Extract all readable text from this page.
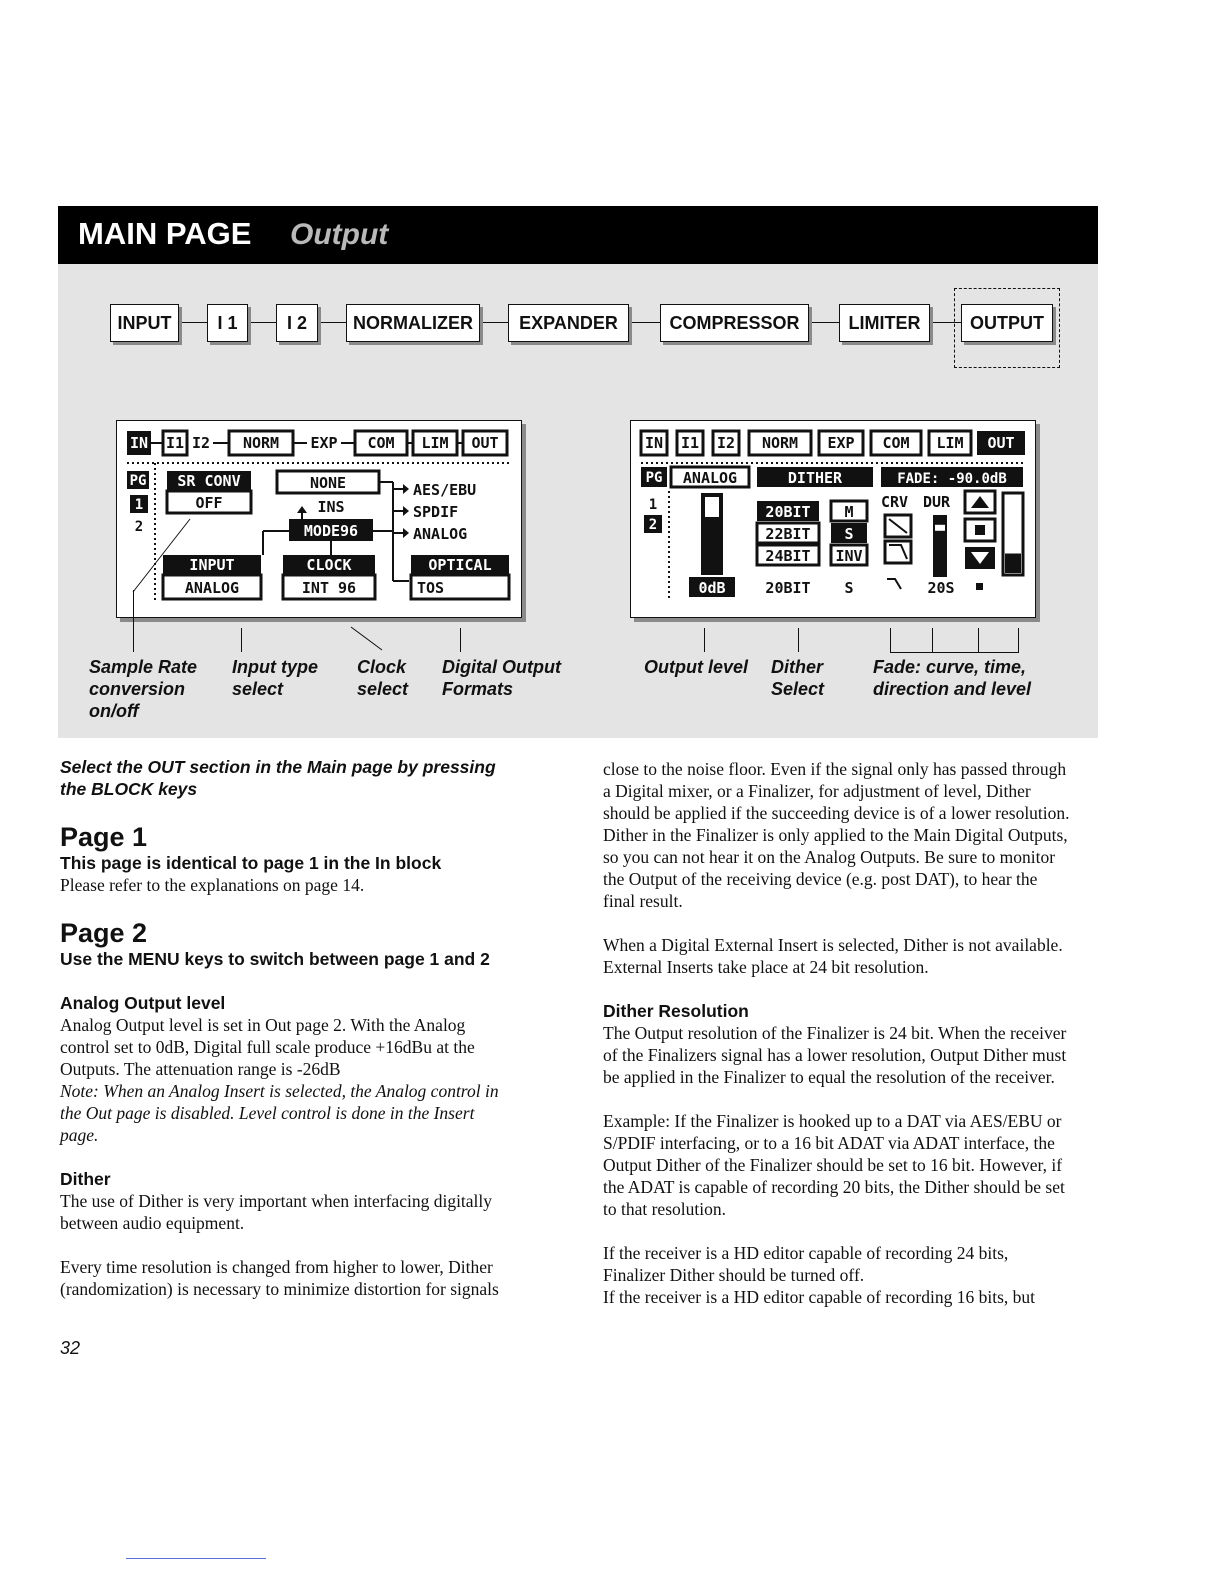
MAIN PAGE Output
INPUT	I 1	I 2	NORMALIZER	EXPANDER	COMPRESSOR	LIMITER	OUTPUT
IN I1 I2 NORM EXP COM LIM OUT
PG
1
2
SR CONV
OFF
NONE
INS
MODE96
AES/EBU
SPDIF
ANALOG
INPUT
ANALOG
CLOCK
INT 96
OPTICAL
TOS
IN I1 I2 NORM EXP COM LIM OUT
PG
1
2
ANALOG	DITHER	FADE: -90.0dB
0dB
20BIT
22BIT
24BIT
20BIT
M
S
INV
S
CRV DUR
20S
Sample Rate
conversion
on/off
Input type
select
Clock
select
Digital Output
Formats
Output level Dither
Select
Fade: curve, time,
direction and level

Select the OUT section in the Main page by pressing
the BLOCK keys

Page 1

This page is identical to page 1 in the In block

Please refer to the explanations on page 14.

Page 2

Use the MENU keys to switch between page 1 and 2

Analog Output level

Analog Output level is set in Out page 2. With the Analog
control set to 0dB, Digital full scale produce +16dBu at the
Outputs. The attenuation range is -26dB

Note: When an Analog Insert is selected, the Analog control in
the Out page is disabled. Level control is done in the Insert
page.

Dither

The use of Dither is very important when interfacing digitally
between audio equipment.

Every time resolution is changed from higher to lower, Dither
(randomization) is necessary to minimize distortion for signals

close to the noise floor. Even if the signal only has passed through
a Digital mixer, or a Finalizer, for adjustment of level, Dither
should be applied if the succeeding device is of a lower resolution.
Dither in the Finalizer is only applied to the Main Digital Outputs,
so you can not hear it on the Analog Outputs. Be sure to monitor
the Output of the receiving device (e.g. post DAT), to hear the
final result.

When a Digital External Insert is selected, Dither is not available.
External Inserts take place at 24 bit resolution.

Dither Resolution

The Output resolution of the Finalizer is 24 bit. When the receiver
of the Finalizers signal has a lower resolution, Output Dither must
be applied in the Finalizer to equal the resolution of the receiver.

Example: If the Finalizer is hooked up to a DAT via AES/EBU or
S/PDIF interfacing, or to a 16 bit ADAT via ADAT interface, the
Output Dither of the Finalizer should be set to 16 bit. However, if
the ADAT is capable of recording 20 bits, the Dither should be set
to that resolution.

If the receiver is a HD editor capable of recording 24 bits,
Finalizer Dither should be turned off.
If the receiver is a HD editor capable of recording 16 bits, but

32
